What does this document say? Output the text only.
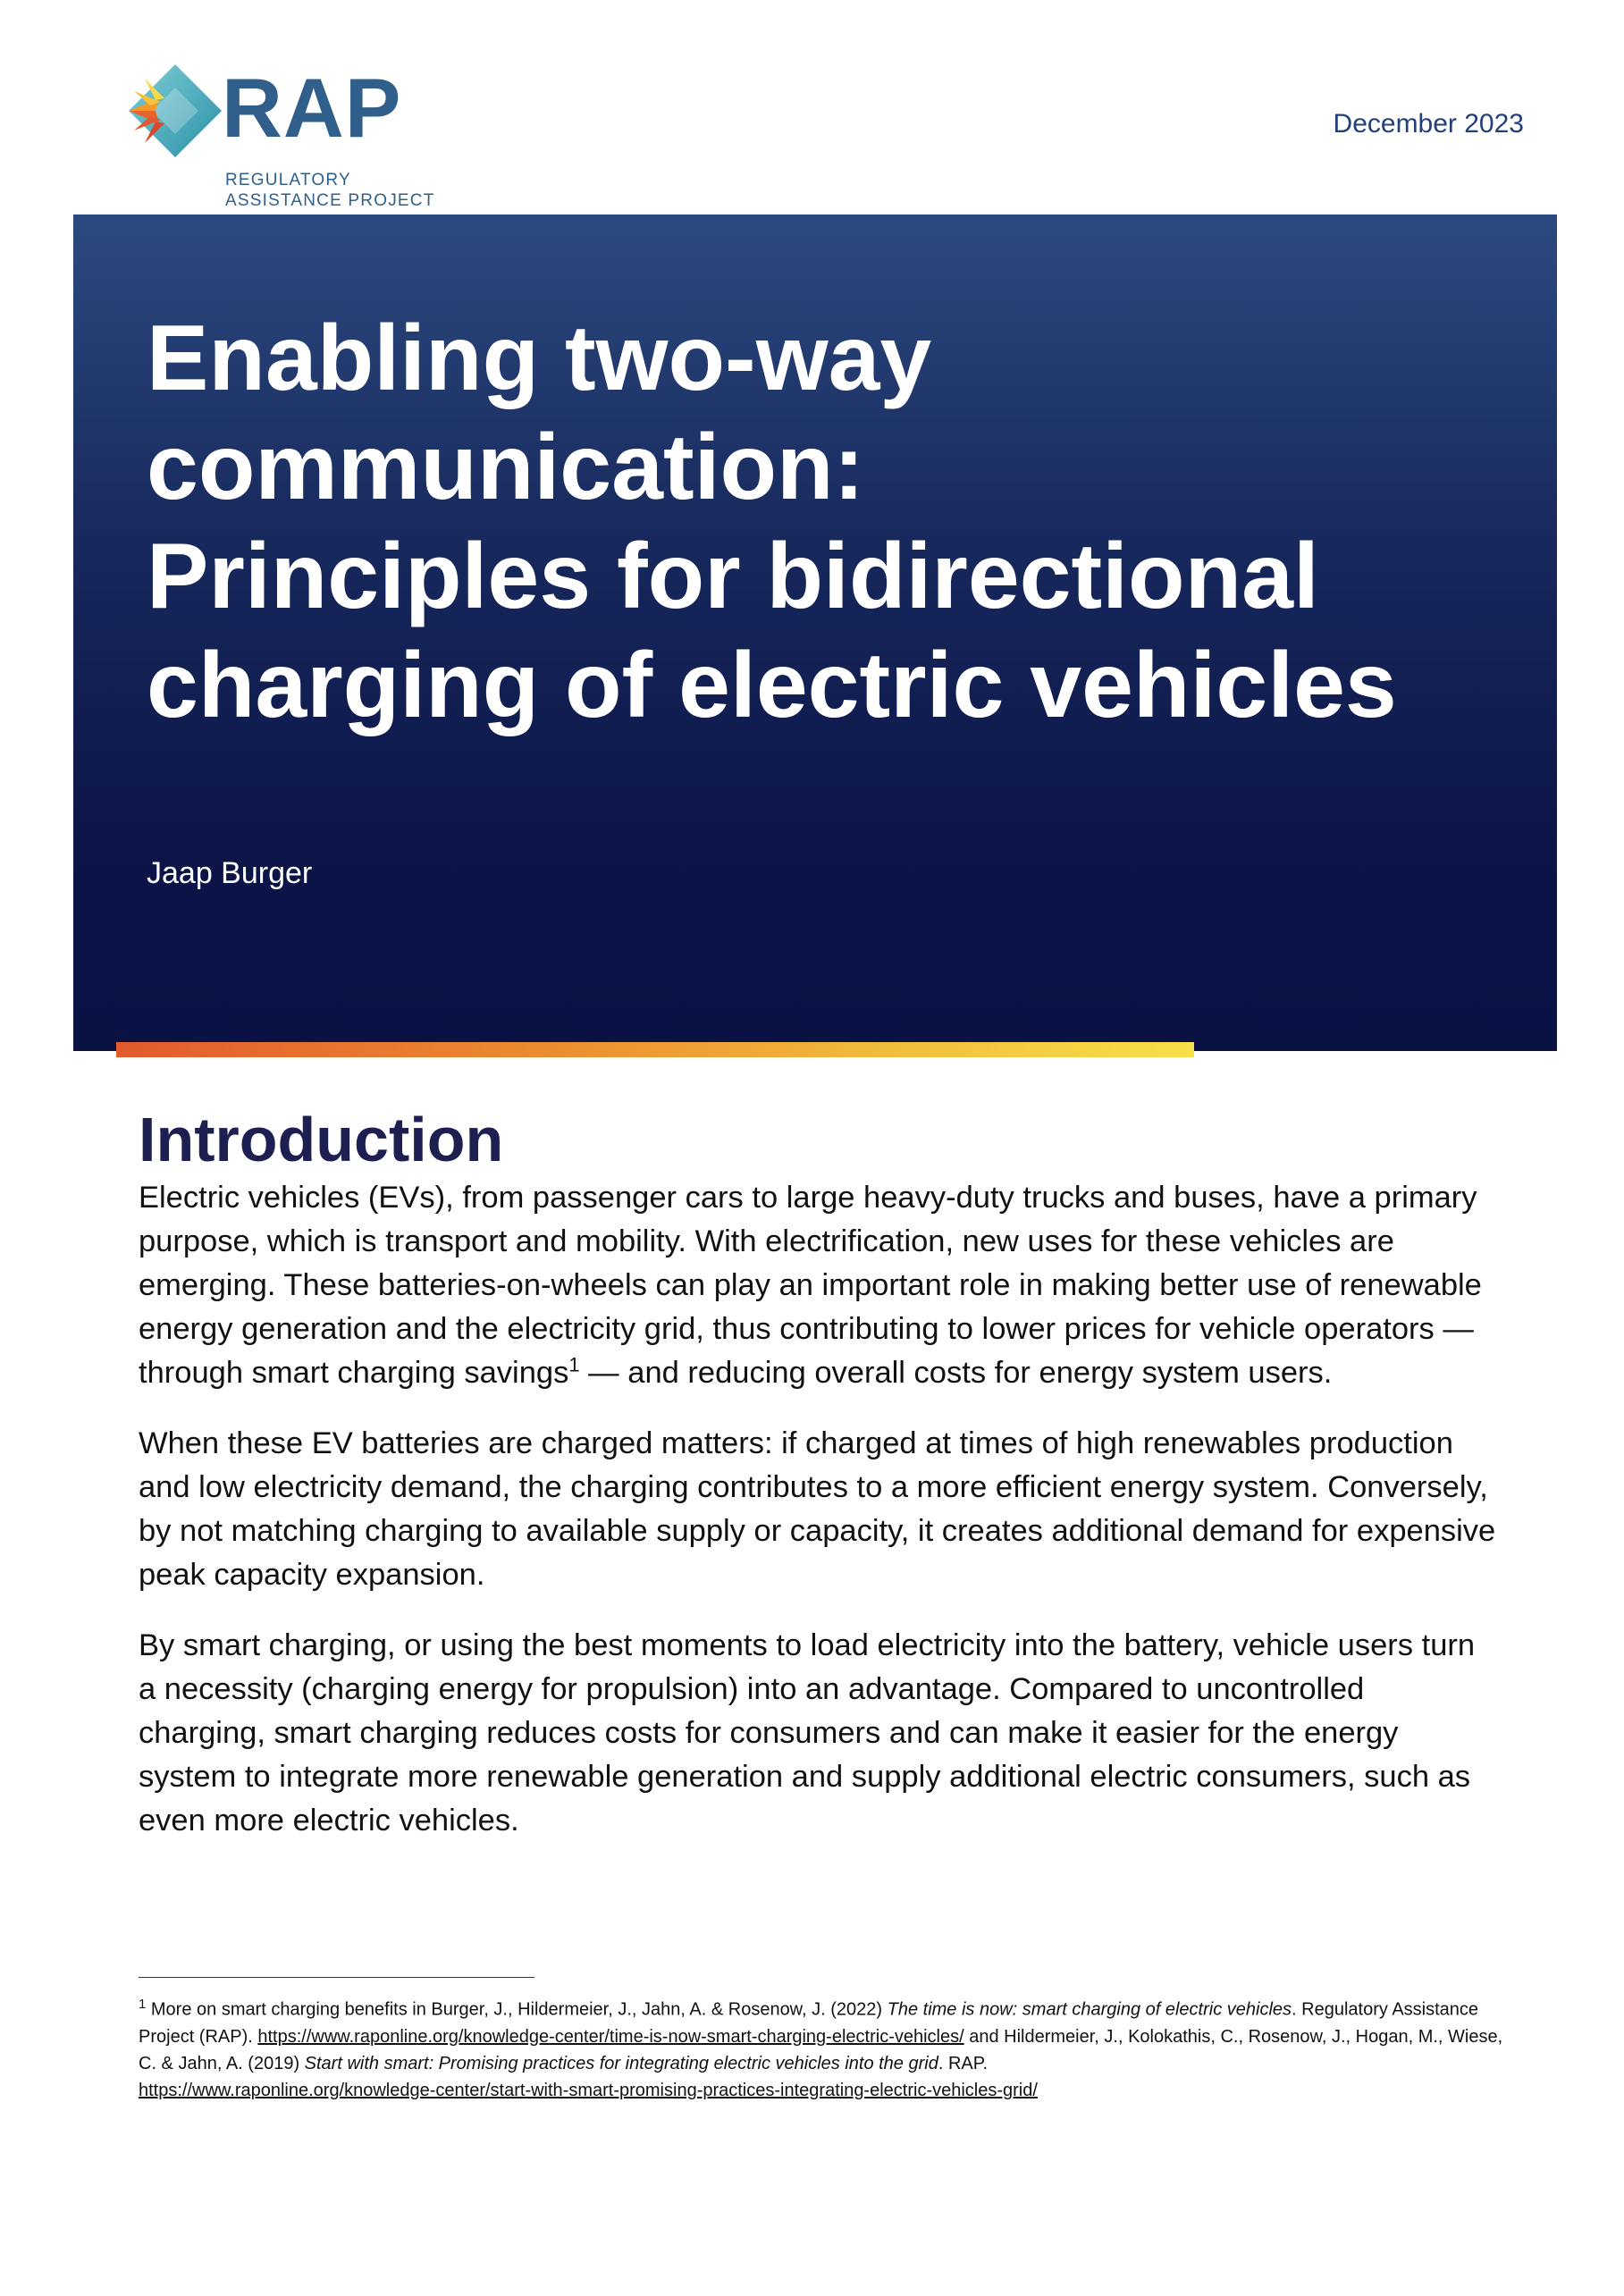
RAP
REGULATORY
ASSISTANCE PROJECT
December 2023
Enabling two-way
communication:
Principles for bidirectional
charging of electric vehicles
Jaap Burger
Introduction

Electric vehicles (EVs), from passenger cars to large heavy-duty trucks and buses, have a primary purpose, which is transport and mobility. With electrification, new uses for these vehicles are emerging. These batteries-on-wheels can play an important role in making better use of renewable energy generation and the electricity grid, thus contributing to lower prices for vehicle operators — through smart charging savings$^1$ — and reducing overall costs for energy system users.

When these EV batteries are charged matters: if charged at times of high renewables production and low electricity demand, the charging contributes to a more efficient energy system. Conversely, by not matching charging to available supply or capacity, it creates additional demand for expensive peak capacity expansion.

By smart charging, or using the best moments to load electricity into the battery, vehicle users turn a necessity (charging energy for propulsion) into an advantage. Compared to uncontrolled charging, smart charging reduces costs for consumers and can make it easier for the energy system to integrate more renewable generation and supply additional electric consumers, such as even more electric vehicles.

$^1$ More on smart charging benefits in Burger, J., Hildermeier, J., Jahn, A. & Rosenow, J. (2022) The time is now: smart charging of electric vehicles. Regulatory Assistance Project (RAP). https://www.raponline.org/knowledge-center/time-is-now-smart-charging-electric-vehicles/ and Hildermeier, J., Kolokathis, C., Rosenow, J., Hogan, M., Wiese, C. & Jahn, A. (2019) Start with smart: Promising practices for integrating electric vehicles into the grid. RAP.
https://www.raponline.org/knowledge-center/start-with-smart-promising-practices-integrating-electric-vehicles-grid/
